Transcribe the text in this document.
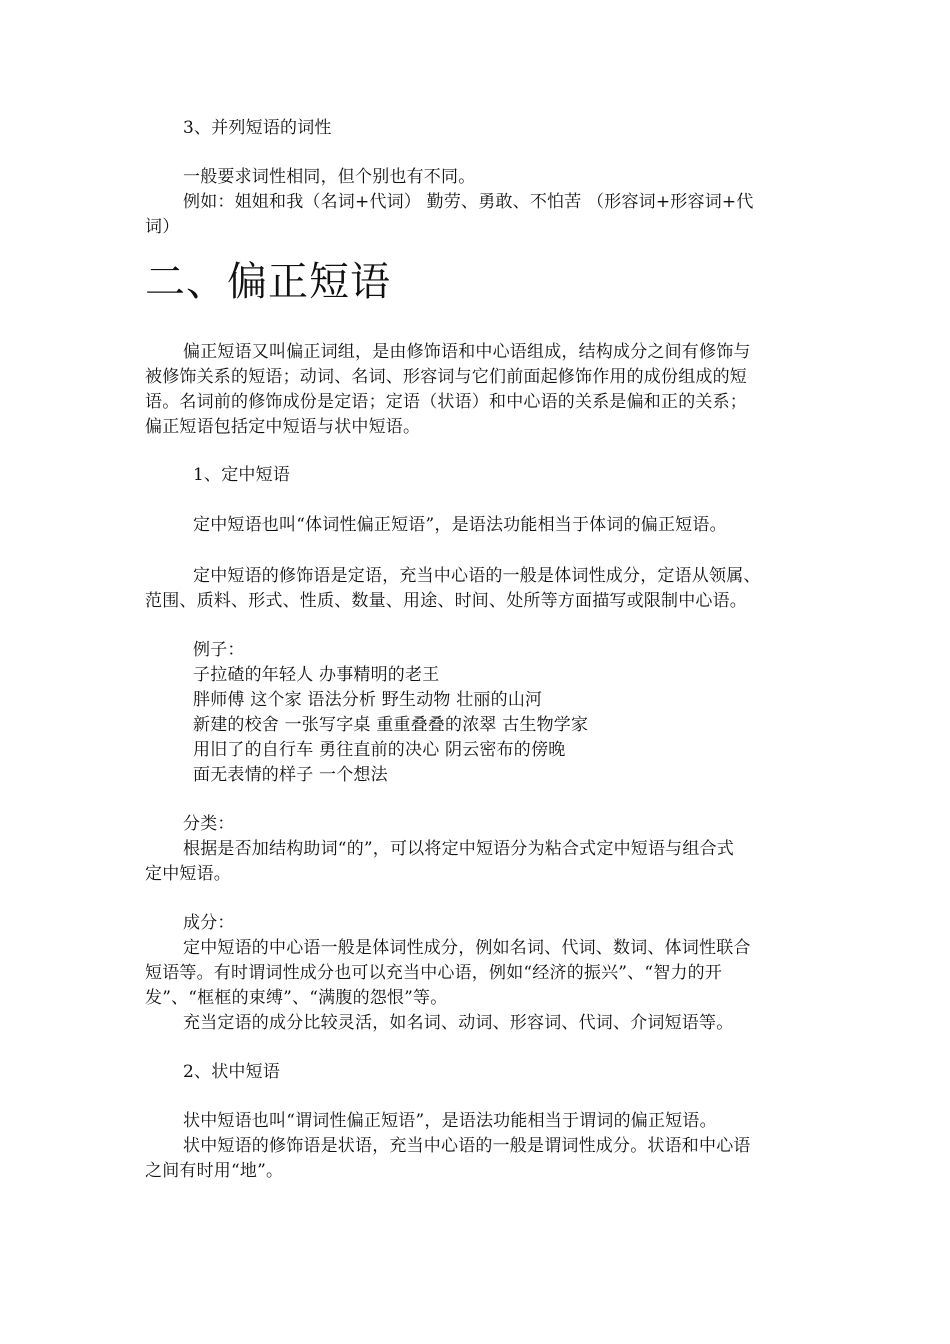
3、并列短语的词性
一般要求词性相同，但个别也有不同。
例如：姐姐和我（名词+代词） 勤劳、勇敢、不怕苦 （形容词+形容词+代
词）
二、偏正短语
偏正短语又叫偏正词组，是由修饰语和中心语组成，结构成分之间有修饰与
被修饰关系的短语；动词、名词、形容词与它们前面起修饰作用的成份组成的短
语。名词前的修饰成份是定语；定语（状语）和中心语的关系是偏和正的关系；
偏正短语包括定中短语与状中短语。
1、定中短语
定中短语也叫“体词性偏正短语”，是语法功能相当于体词的偏正短语。
定中短语的修饰语是定语，充当中心语的一般是体词性成分，定语从领属、
范围、质料、形式、性质、数量、用途、时间、处所等方面描写或限制中心语。
例子：
子拉碴的年轻人 办事精明的老王
胖师傅 这个家 语法分析 野生动物 壮丽的山河
新建的校舍 一张写字桌 重重叠叠的浓翠 古生物学家
用旧了的自行车 勇往直前的决心 阴云密布的傍晚
面无表情的样子 一个想法
分类：
根据是否加结构助词“的”，可以将定中短语分为粘合式定中短语与组合式
定中短语。
成分：
定中短语的中心语一般是体词性成分，例如名词、代词、数词、体词性联合
短语等。有时谓词性成分也可以充当中心语，例如“经济的振兴”、“智力的开
发”、“框框的束缚”、“满腹的怨恨”等。
充当定语的成分比较灵活，如名词、动词、形容词、代词、介词短语等。
2、状中短语
状中短语也叫“谓词性偏正短语”，是语法功能相当于谓词的偏正短语。
状中短语的修饰语是状语，充当中心语的一般是谓词性成分。状语和中心语
之间有时用“地”。
